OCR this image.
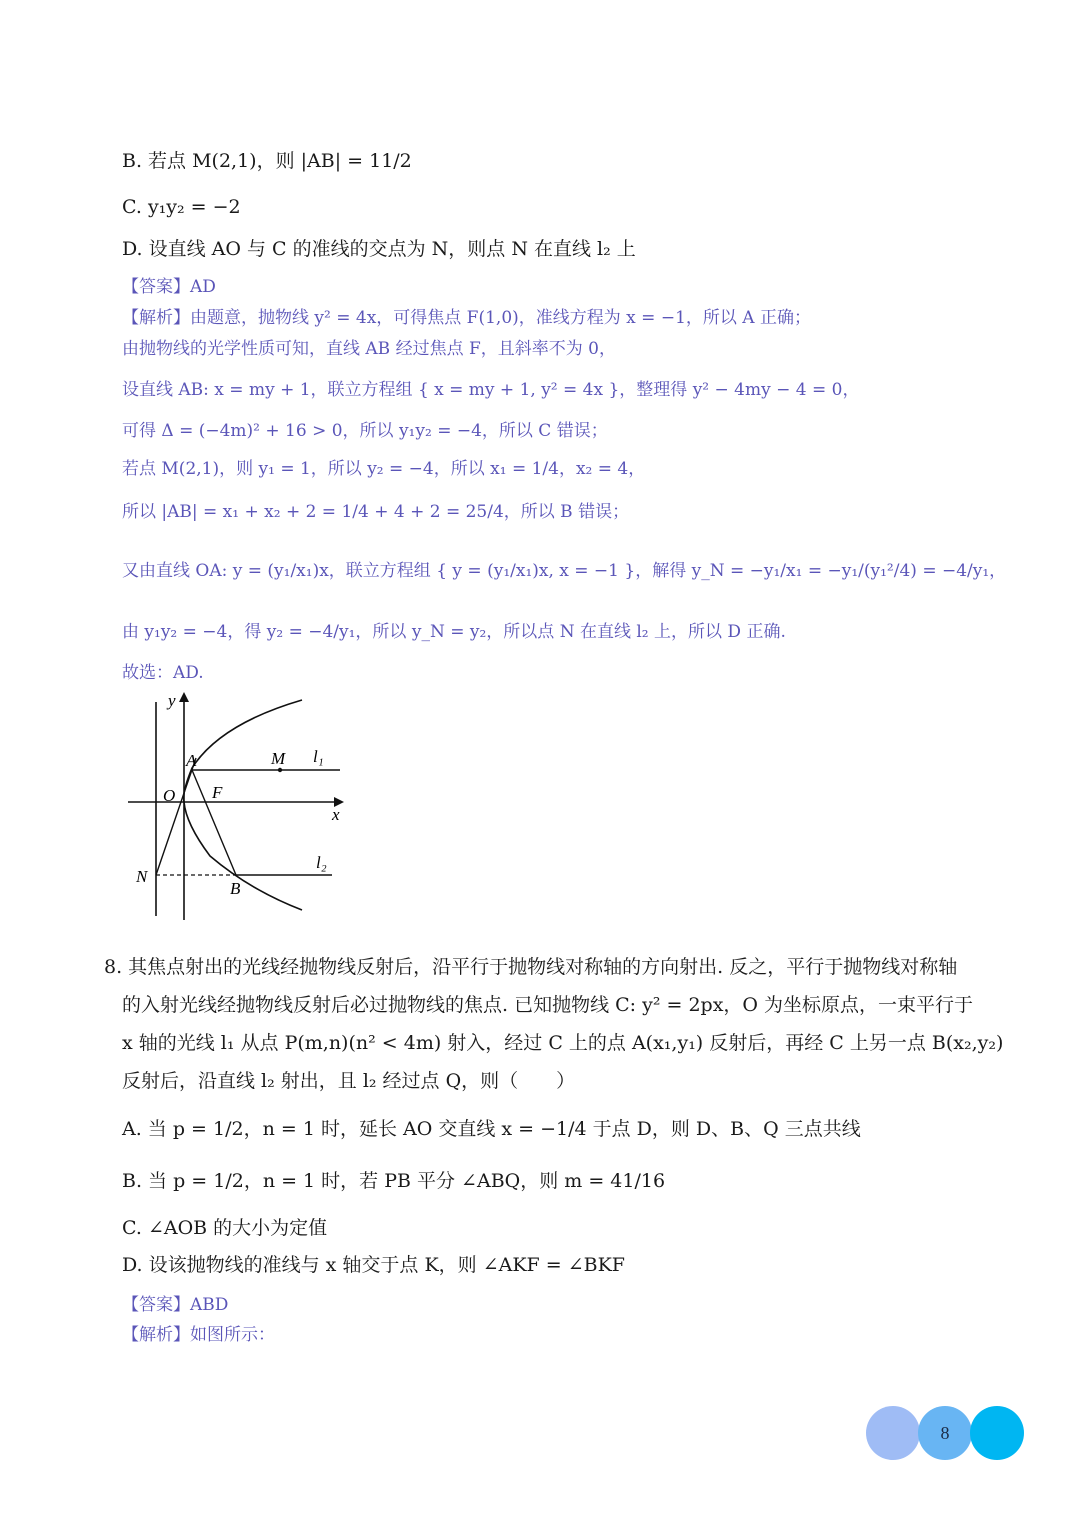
B. 若点 M(2,1)，则 |AB| = 11/2
C. y₁y₂ = −2
D. 设直线 AO 与 C 的准线的交点为 N，则点 N 在直线 l₂ 上
【答案】AD
【解析】由题意，抛物线 y² = 4x，可得焦点 F(1,0)，准线方程为 x = −1，所以 A 正确；
由抛物线的光学性质可知，直线 AB 经过焦点 F，且斜率不为 0，
设直线 AB: x = my + 1，联立方程组 { x = my + 1, y² = 4x }，整理得 y² − 4my − 4 = 0，
可得 Δ = (−4m)² + 16 > 0，所以 y₁y₂ = −4，所以 C 错误；
若点 M(2,1)，则 y₁ = 1，所以 y₂ = −4，所以 x₁ = 1/4，x₂ = 4，
所以 |AB| = x₁ + x₂ + 2 = 1/4 + 4 + 2 = 25/4，所以 B 错误；
又由直线 OA: y = (y₁/x₁)x，联立方程组 { y = (y₁/x₁)x, x = −1 }，解得 y_N = −y₁/x₁ = −y₁/(y₁²/4) = −4/y₁，
由 y₁y₂ = −4，得 y₂ = −4/y₁，所以 y_N = y₂，所以点 N 在直线 l₂ 上，所以 D 正确.
故选：AD.
y
x
O
A
F
M l₁
l₂
N
B
8. 其焦点射出的光线经抛物线反射后，沿平行于抛物线对称轴的方向射出. 反之，平行于抛物线对称轴
的入射光线经抛物线反射后必过抛物线的焦点. 已知抛物线 C: y² = 2px，O 为坐标原点，一束平行于
x 轴的光线 l₁ 从点 P(m,n)(n² < 4m) 射入，经过 C 上的点 A(x₁,y₁) 反射后，再经 C 上另一点 B(x₂,y₂)
反射后，沿直线 l₂ 射出，且 l₂ 经过点 Q，则（　　）
A. 当 p = 1/2，n = 1 时，延长 AO 交直线 x = −1/4 于点 D，则 D、B、Q 三点共线
B. 当 p = 1/2，n = 1 时，若 PB 平分 ∠ABQ，则 m = 41/16
C. ∠AOB 的大小为定值
D. 设该抛物线的准线与 x 轴交于点 K，则 ∠AKF = ∠BKF
【答案】ABD
【解析】如图所示：
8
